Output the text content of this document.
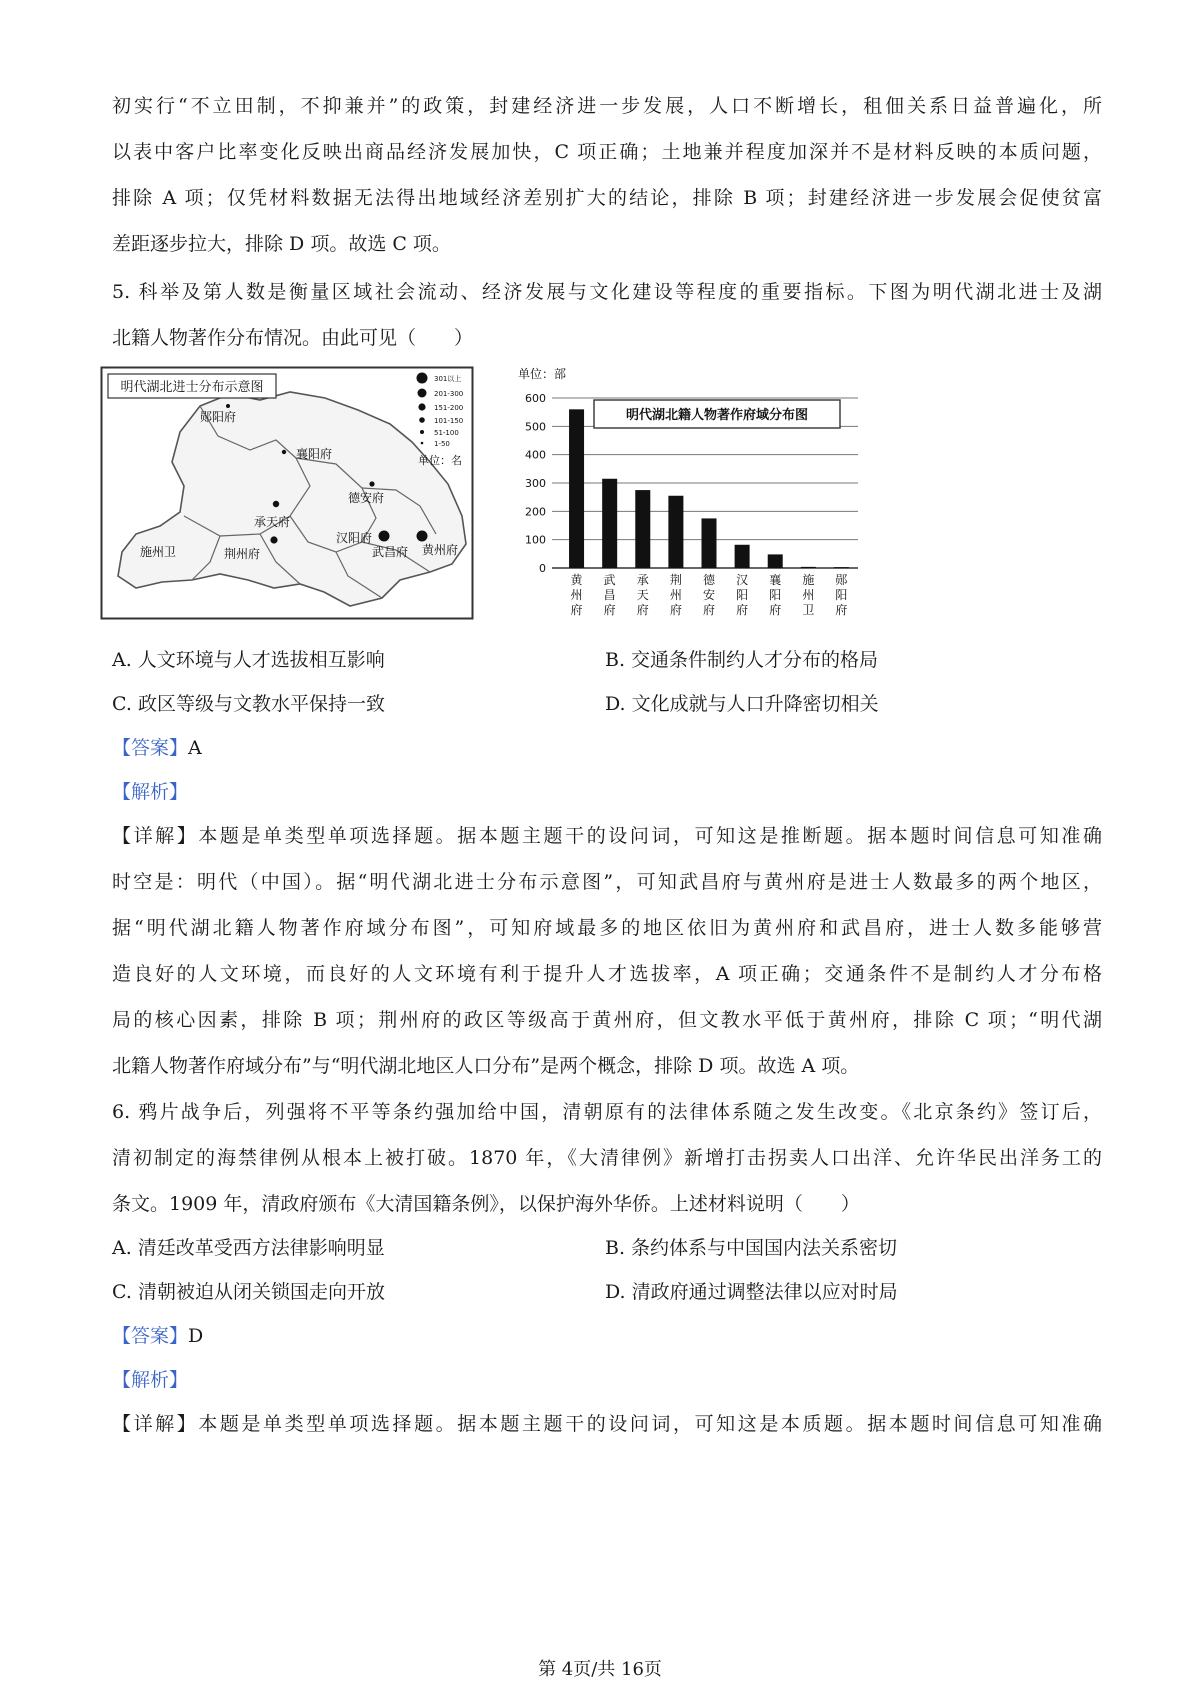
初实行“不立田制，不抑兼并”的政策，封建经济进一步发展，人口不断增长，租佃关系日益普遍化，所
以表中客户比率变化反映出商品经济发展加快，C 项正确；土地兼并程度加深并不是材料反映的本质问题，
排除 A 项；仅凭材料数据无法得出地域经济差别扩大的结论，排除 B 项；封建经济进一步发展会促使贫富
差距逐步拉大，排除 D 项。故选 C 项。
5. 科举及第人数是衡量区域社会流动、经济发展与文化建设等程度的重要指标。下图为明代湖北进士及湖
北籍人物著作分布情况。由此可见（　　）
明代湖北进士分布示意图
301以上
201-300
151-200
101-150
51-100
1-50
单位：名
郧阳府
襄阳府
德安府
承天府
施州卫	荆州府
汉阳府
武昌府 黄州府
单位：部
0
100
200
300
400
500
600
黄州府
武昌府
承天府
荆州府
德安府
汉阳府
襄阳府
施州卫
郧阳府
明代湖北籍人物著作府域分布图
A. 人文环境与人才选拔相互影响	B. 交通条件制约人才分布的格局
C. 政区等级与文教水平保持一致	D. 文化成就与人口升降密切相关
【答案】A
【解析】
【详解】本题是单类型单项选择题。据本题主题干的设问词，可知这是推断题。据本题时间信息可知准确
时空是：明代（中国）。据“明代湖北进士分布示意图”，可知武昌府与黄州府是进士人数最多的两个地区，
据“明代湖北籍人物著作府域分布图”，可知府域最多的地区依旧为黄州府和武昌府，进士人数多能够营
造良好的人文环境，而良好的人文环境有利于提升人才选拔率，A 项正确；交通条件不是制约人才分布格
局的核心因素，排除 B 项；荆州府的政区等级高于黄州府，但文教水平低于黄州府，排除 C 项；“明代湖
北籍人物著作府域分布”与“明代湖北地区人口分布”是两个概念，排除 D 项。故选 A 项。
6. 鸦片战争后，列强将不平等条约强加给中国，清朝原有的法律体系随之发生改变。《北京条约》签订后，
清初制定的海禁律例从根本上被打破。1870 年，《大清律例》新增打击拐卖人口出洋、允许华民出洋务工的
条文。1909 年，清政府颁布《大清国籍条例》，以保护海外华侨。上述材料说明（　　）
A. 清廷改革受西方法律影响明显	B. 条约体系与中国国内法关系密切
C. 清朝被迫从闭关锁国走向开放	D. 清政府通过调整法律以应对时局
【答案】D
【解析】
【详解】本题是单类型单项选择题。据本题主题干的设问词，可知这是本质题。据本题时间信息可知准确
第 4页/共 16页
